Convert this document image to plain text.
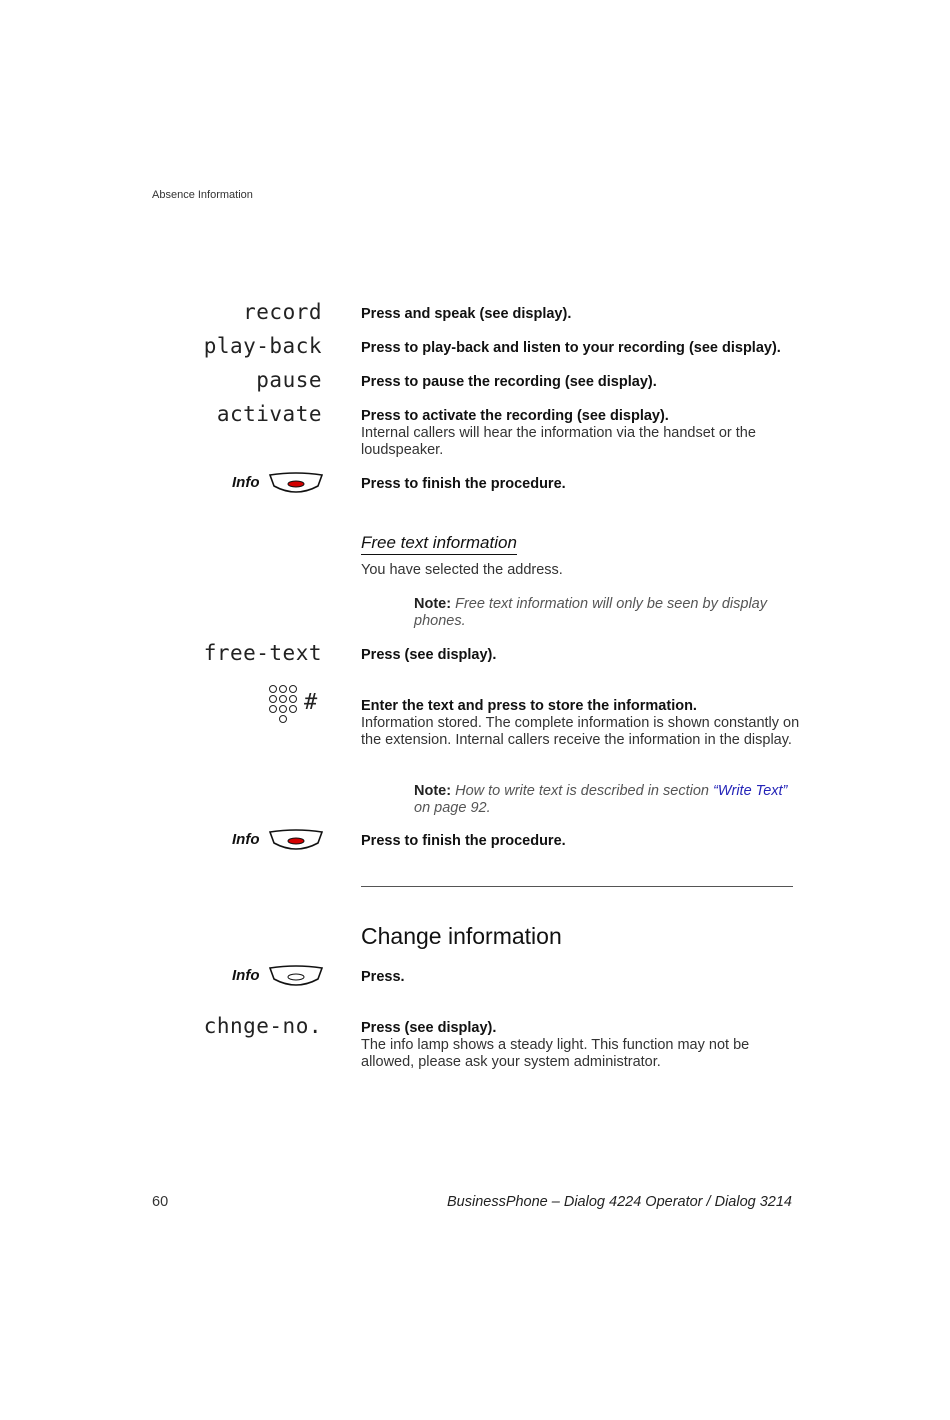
Absence Information
record	Press and speak (see display).
play-back	Press to play-back and listen to your recording (see display).
pause	Press to pause the recording (see display).
activate	Press to activate the recording (see display).
Internal callers will hear the information via the handset or the loudspeaker.
Info	Press to finish the procedure.
Free text information
You have selected the address.
Note: Free text information will only be seen by display phones.
free-text	Press (see display).
#	Enter the text and press to store the information.
Information stored. The complete information is shown constantly on the extension. Internal callers receive the information in the display.
Note: How to write text is described in section “Write Text” on page 92.
Info	Press to finish the procedure.
Change information
Info	Press.
chnge-no.	Press (see display).
The info lamp shows a steady light. This function may not be allowed, please ask your system administrator.
60	BusinessPhone – Dialog 4224 Operator / Dialog 3214
